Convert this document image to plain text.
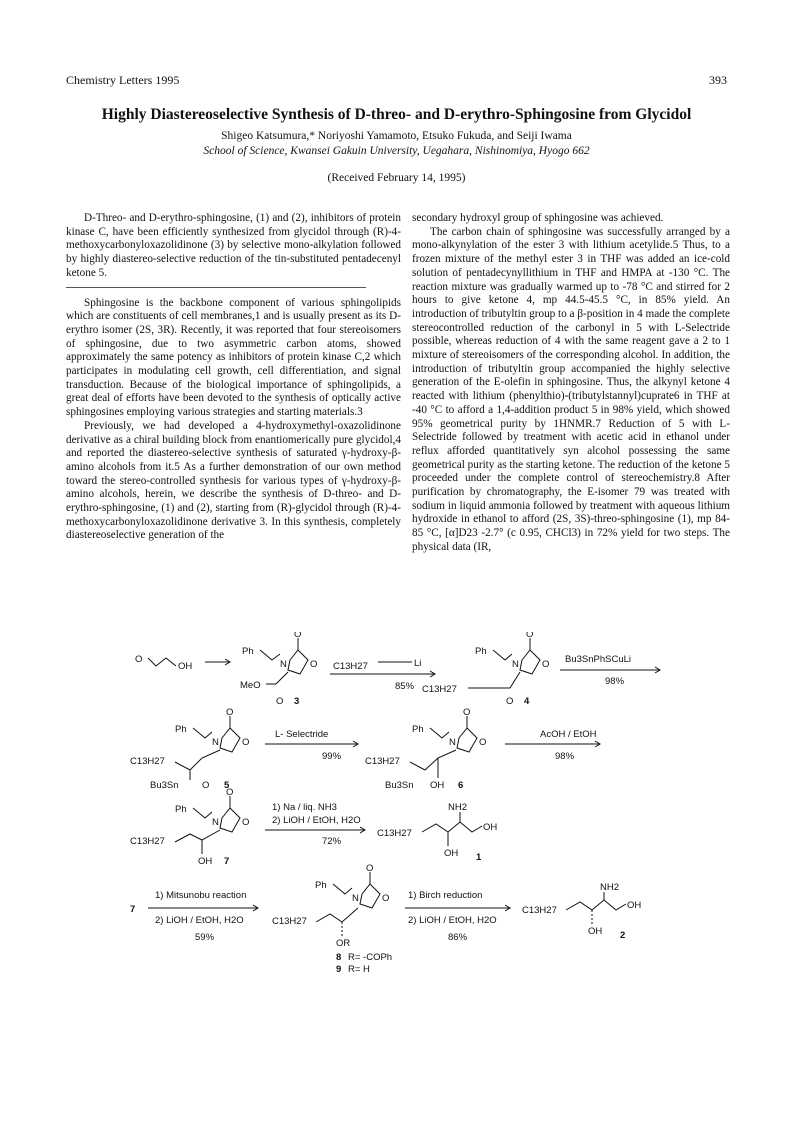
Chemistry Letters 1995	393
Highly Diastereoselective Synthesis of D-threo- and D-erythro-Sphingosine from Glycidol
Shigeo Katsumura,* Noriyoshi Yamamoto, Etsuko Fukuda, and Seiji Iwama
School of Science, Kwansei Gakuin University, Uegahara, Nishinomiya, Hyogo 662
(Received February 14, 1995)

D-Threo- and D-erythro-sphingosine, (1) and (2), inhibitors of protein kinase C, have been efficiently synthesized from glycidol through (R)-4-methoxycarbonyloxazolidinone (3) by selective mono-alkylation followed by highly diastereo-selective reduction of the tin-substituted pentadecenyl ketone 5.

Sphingosine is the backbone component of various sphingolipids which are constituents of cell membranes,1 and is usually present as its D-erythro isomer (2S, 3R). Recently, it was reported that four stereoisomers of sphingosine, due to two asymmetric carbon atoms, showed approximately the same potency as inhibitors of protein kinase C,2 which participates in modulating cell growth, cell differentiation, and signal transduction. Because of the biological importance of sphingolipids, a great deal of efforts have been devoted to the synthesis of optically active sphingosines employing various strategies and starting materials.3

Previously, we had developed a 4-hydroxymethyl-oxazolidinone derivative as a chiral building block from enantiomerically pure glycidol,4 and reported the diastereo-selective synthesis of saturated γ-hydroxy-β-amino alcohols from it.5 As a further demonstration of our own method toward the stereo-controlled synthesis for various types of γ-hydroxy-β-amino alcohols, herein, we describe the synthesis of D-threo- and D-erythro-sphingosine, (1) and (2), starting from (R)-glycidol through (R)-4-methoxycarbonyloxazolidinone derivative 3. In this synthesis, completely diastereoselective generation of the

secondary hydroxyl group of sphingosine was achieved.

The carbon chain of sphingosine was successfully arranged by a mono-alkynylation of the ester 3 with lithium acetylide.5 Thus, to a frozen mixture of the methyl ester 3 in THF was added an ice-cold solution of pentadecynyllithium in THF and HMPA at -130 °C. The reaction mixture was gradually warmed up to -78 °C and stirred for 2 hours to give ketone 4, mp 44.5-45.5 °C, in 85% yield. An introduction of tributyltin group to a β-position in 4 made the complete stereocontrolled reduction of the carbonyl in 5 with L-Selectride possible, whereas reduction of 4 with the same reagent gave a 2 to 1 mixture of stereoisomers of the corresponding alcohol. In addition, the introduction of tributyltin group accompanied the highly selective generation of the E-olefin in sphingosine. Thus, the alkynyl ketone 4 reacted with lithium (phenylthio)-(tributylstannyl)cuprate6 in THF at -40 °C to afford a 1,4-addition product 5 in 98% yield, which showed 95% geometrical purity by 1HNMR.7 Reduction of 5 with L-Selectride followed by treatment with acetic acid in ethanol under reflux afforded quantitatively syn alcohol possessing the same geometrical purity as the starting ketone. The reduction of the ketone 5 proceeded under the complete control of stereochemistry.8 After purification by chromatography, the E-isomer 79 was treated with sodium in liquid ammonia followed by treatment with aqueous lithium hydroxide in ethanol to afford (2S, 3S)-threo-sphingosine (1), mp 84-85 °C, [α]D23 -2.7° (c 0.95, CHCl3) in 72% yield for two steps. The physical data (IR,

O
OH
Ph
N O
O
MeO
O 3
C13H27	Li
85% C13H27
Ph
N O
O
O 4
Bu3SnPhSCuLi
98%
Ph
N O
O
C13H27
Bu3Sn O 5
L- Selectride
99%
Ph
N O
O
C13H27
Bu3Sn OH 6
AcOH / EtOH
98%
Ph
N O
O
C13H27
OH 7
1) Na / liq. NH3
2) LiOH / EtOH, H2O
72%
C13H27
OH
NH2
OH 1
7
1) Mitsunobu reaction
2) LiOH / EtOH, H2O
59%
Ph
N O
O
C13H27
OR
8 R= -COPh
9 R= H
1) Birch reduction
2) LiOH / EtOH, H2O
86%
C13H27	OH
NH2
OH 2
